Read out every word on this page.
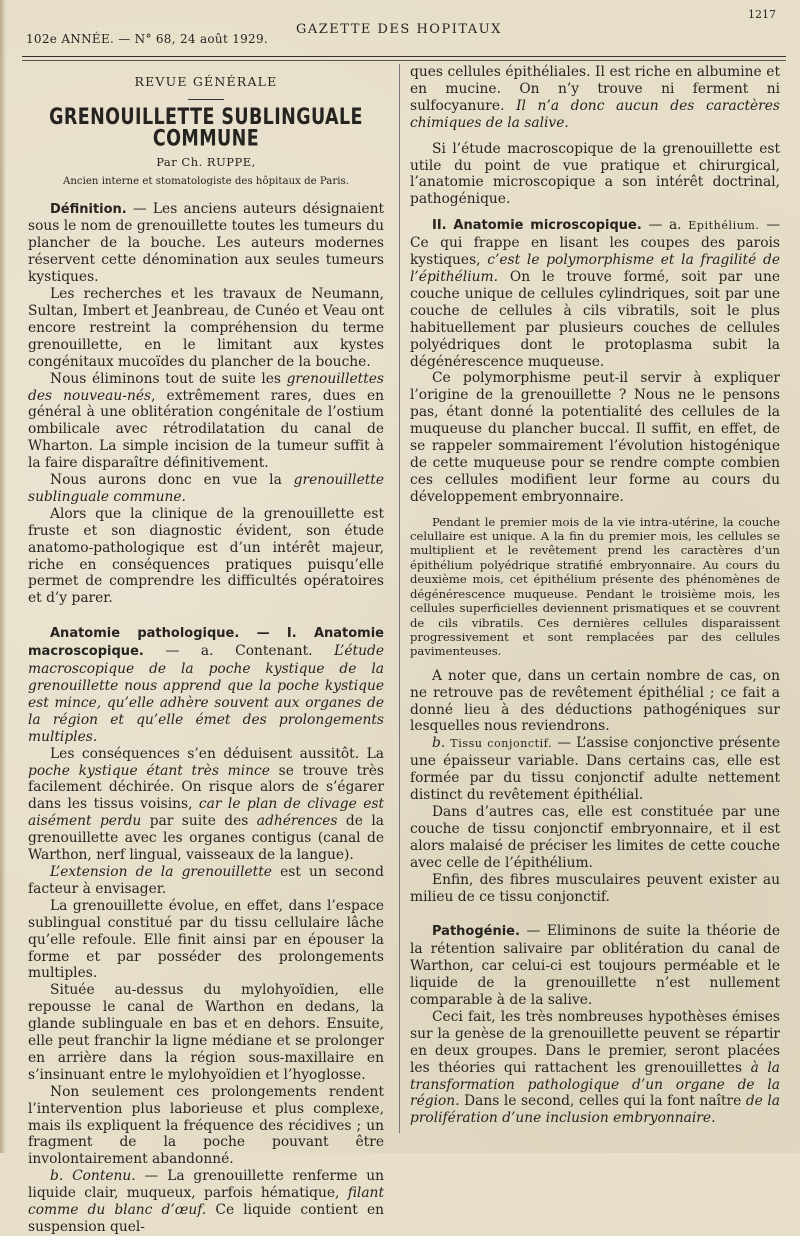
102e ANNÉE. — N° 68, 24 août 1929.
GAZETTE DES HOPITAUX
1217
REVUE GÉNÉRALE
GRENOUILLETTE SUBLINGUALE COMMUNE
Par Ch. RUPPE,
Ancien interne et stomatologiste des hôpitaux de Paris.

Définition. — Les anciens auteurs désignaient sous le nom de grenouillette toutes les tumeurs du plancher de la bouche. Les auteurs modernes réservent cette dénomination aux seules tumeurs kystiques.

Les recherches et les travaux de Neumann, Sultan, Imbert et Jeanbreau, de Cunéo et Veau ont encore restreint la compréhension du terme grenouillette, en le limitant aux kystes congénitaux mucoïdes du plancher de la bouche.

Nous éliminons tout de suite les grenouillettes des nouveau-nés, extrêmement rares, dues en général à une oblitération congénitale de l’ostium ombilicale avec rétrodilatation du canal de Wharton. La simple incision de la tumeur suffit à la faire disparaître définitivement.

Nous aurons donc en vue la grenouillette sublinguale commune.

Alors que la clinique de la grenouillette est fruste et son diagnostic évident, son étude anatomo-pathologique est d’un intérêt majeur, riche en conséquences pratiques puisqu’elle permet de comprendre les difficultés opératoires et d’y parer.

Anatomie pathologique. — I. Anatomie macroscopique. — a. Contenant. L’étude macroscopique de la poche kystique de la grenouillette nous apprend que la poche kystique est mince, qu’elle adhère souvent aux organes de la région et qu’elle émet des prolongements multiples.

Les conséquences s’en déduisent aussitôt. La poche kystique étant très mince se trouve très facilement déchirée. On risque alors de s’égarer dans les tissus voisins, car le plan de clivage est aisément perdu par suite des adhérences de la grenouillette avec les organes contigus (canal de Warthon, nerf lingual, vaisseaux de la langue).

L’extension de la grenouillette est un second facteur à envisager.

La grenouillette évolue, en effet, dans l’espace sublingual constitué par du tissu cellulaire lâche qu’elle refoule. Elle finit ainsi par en épouser la forme et par posséder des prolongements multiples.

Située au-dessus du mylohyoïdien, elle repousse le canal de Warthon en dedans, la glande sublinguale en bas et en dehors. Ensuite, elle peut franchir la ligne médiane et se prolonger en arrière dans la région sous-maxillaire en s’insinuant entre le mylohyoïdien et l’hyoglosse.

Non seulement ces prolongements rendent l’intervention plus laborieuse et plus complexe, mais ils expliquent la fréquence des récidives ; un fragment de la poche pouvant être involontairement abandonné.

b. Contenu. — La grenouillette renferme un liquide clair, muqueux, parfois hématique, filant comme du blanc d’œuf. Ce liquide contient en suspension quel-

ques cellules épithéliales. Il est riche en albumine et en mucine. On n’y trouve ni ferment ni sulfocyanure. Il n’a donc aucun des caractères chimiques de la salive.

Si l’étude macroscopique de la grenouillette est utile du point de vue pratique et chirurgical, l’anatomie microscopique a son intérêt doctrinal, pathogénique.

II. Anatomie microscopique. — a. Epithélium. — Ce qui frappe en lisant les coupes des parois kystiques, c’est le polymorphisme et la fragilité de l’épithélium. On le trouve formé, soit par une couche unique de cellules cylindriques, soit par une couche de cellules à cils vibratils, soit le plus habituellement par plusieurs couches de cellules polyédriques dont le protoplasma subit la dégénérescence muqueuse.

Ce polymorphisme peut-il servir à expliquer l’origine de la grenouillette ? Nous ne le pensons pas, étant donné la potentialité des cellules de la muqueuse du plancher buccal. Il suffit, en effet, de se rappeler sommairement l’évolution histogénique de cette muqueuse pour se rendre compte combien ces cellules modifient leur forme au cours du développement embryonnaire.

Pendant le premier mois de la vie intra-utérine, la couche celullaire est unique. A la fin du premier mois, les cellules se multiplient et le revêtement prend les caractères d’un épithélium polyédrique stratifié embryonnaire. Au cours du deuxième mois, cet épithélium présente des phénomènes de dégénérescence muqueuse. Pendant le troisième mois, les cellules superficielles deviennent prismatiques et se couvrent de cils vibratils. Ces dernières cellules disparaissent progressivement et sont remplacées par des cellules pavimenteuses.

A noter que, dans un certain nombre de cas, on ne retrouve pas de revêtement épithélial ; ce fait a donné lieu à des déductions pathogéniques sur lesquelles nous reviendrons.

b. Tissu conjonctif. — L’assise conjonctive présente une épaisseur variable. Dans certains cas, elle est formée par du tissu conjonctif adulte nettement distinct du revêtement épithélial.

Dans d’autres cas, elle est constituée par une couche de tissu conjonctif embryonnaire, et il est alors malaisé de préciser les limites de cette couche avec celle de l’épithélium.

Enfin, des fibres musculaires peuvent exister au milieu de ce tissu conjonctif.

Pathogénie. — Eliminons de suite la théorie de la rétention salivaire par oblitération du canal de Warthon, car celui-ci est toujours perméable et le liquide de la grenouillette n’est nullement comparable à de la salive.

Ceci fait, les très nombreuses hypothèses émises sur la genèse de la grenouillette peuvent se répartir en deux groupes. Dans le premier, seront placées les théories qui rattachent les grenouillettes à la transformation pathologique d’un organe de la région. Dans le second, celles qui la font naître de la prolifération d’une inclusion embryonnaire.
